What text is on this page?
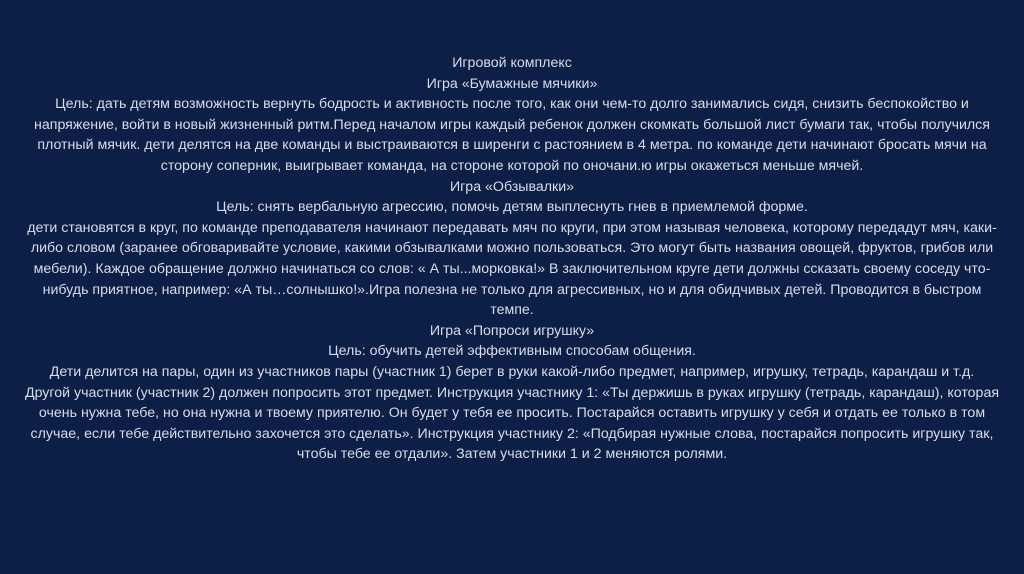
Игровой комплекс

Игра «Бумажные мячики»

Цель: дать детям возможность вернуть бодрость и активность после того, как они чем-то долго занимались сидя, снизить беспокойство и

напряжение, войти в новый жизненный ритм.Перед началом игры каждый ребенок должен скомкать большой лист бумаги так, чтобы получился

плотный мячик. дети делятся на две команды и выстраиваются в ширенги с растоянием в 4 метра. по команде дети начинают бросать мячи на

сторону соперник, выигрывает команда, на стороне которой по оночани.ю игры окажеться меньше мячей.

Игра «Обзывалки»

Цель: снять вербальную агрессию, помочь детям выплеснуть гнев в приемлемой форме.

дети становятся в круг, по команде преподавателя начинают передавать мяч по круги, при этом называя человека, которому передадут мяч, каки-

либо словом (заранее обговаривайте условие, какими обзывалками можно пользоваться. Это могут быть названия овощей, фруктов, грибов или

мебели). Каждое обращение должно начинаться со слов: « А ты...морковка!» В заключительном круге дети должны ссказать своему соседу что-

нибудь приятное, например: «А ты…солнышко!».Игра полезна не только для агрессивных, но и для обидчивых детей. Проводится в быстром

темпе.

Игра «Попроси игрушку»

Цель: обучить детей эффективным способам общения.

Дети делится на пары, один из участников пары (участник 1) берет в руки какой-либо предмет, например, игрушку, тетрадь, карандаш и т.д.

Другой участник (участник 2) должен попросить этот предмет. Инструкция участнику 1: «Ты держишь в руках игрушку (тетрадь, карандаш), которая

очень нужна тебе, но она нужна и твоему приятелю. Он будет у тебя ее просить. Постарайся оставить игрушку у себя и отдать ее только в том

случае, если тебе действительно захочется это сделать». Инструкция участнику 2: «Подбирая нужные слова, постарайся попросить игрушку так,

чтобы тебе ее отдали». Затем участники 1 и 2 меняются ролями.
